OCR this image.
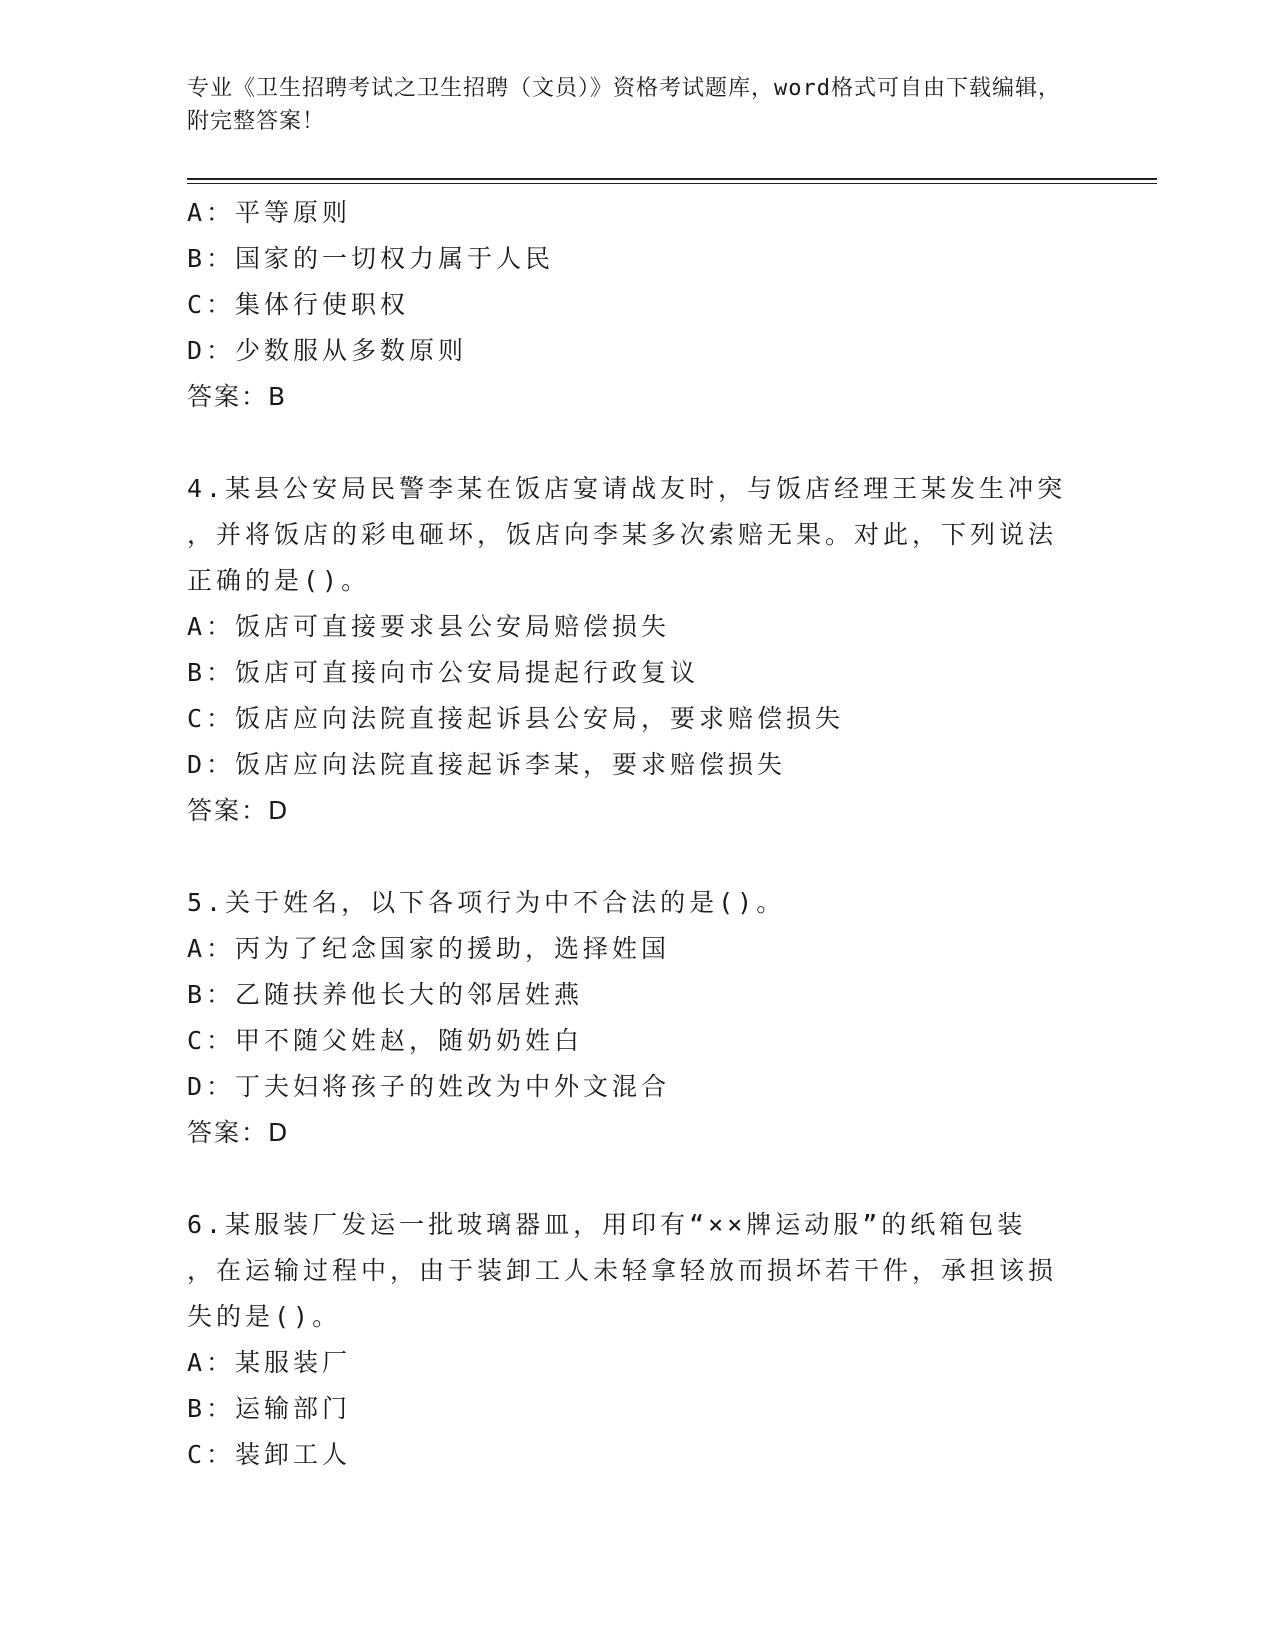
专业《卫生招聘考试之卫生招聘（文员）》资格考试题库，word格式可自由下载编辑，附完整答案！
A：平等原则
B：国家的一切权力属于人民
C：集体行使职权
D：少数服从多数原则
答案：B
4.某县公安局民警李某在饭店宴请战友时，与饭店经理王某发生冲突
，并将饭店的彩电砸坏，饭店向李某多次索赔无果。对此，下列说法
正确的是()。
A：饭店可直接要求县公安局赔偿损失
B：饭店可直接向市公安局提起行政复议
C：饭店应向法院直接起诉县公安局，要求赔偿损失
D：饭店应向法院直接起诉李某，要求赔偿损失
答案：D
5.关于姓名，以下各项行为中不合法的是()。
A：丙为了纪念国家的援助，选择姓国
B：乙随扶养他长大的邻居姓燕
C：甲不随父姓赵，随奶奶姓白
D：丁夫妇将孩子的姓改为中外文混合
答案：D
6.某服装厂发运一批玻璃器皿，用印有“××牌运动服”的纸箱包装
，在运输过程中，由于装卸工人未轻拿轻放而损坏若干件，承担该损
失的是()。
A：某服装厂
B：运输部门
C：装卸工人
